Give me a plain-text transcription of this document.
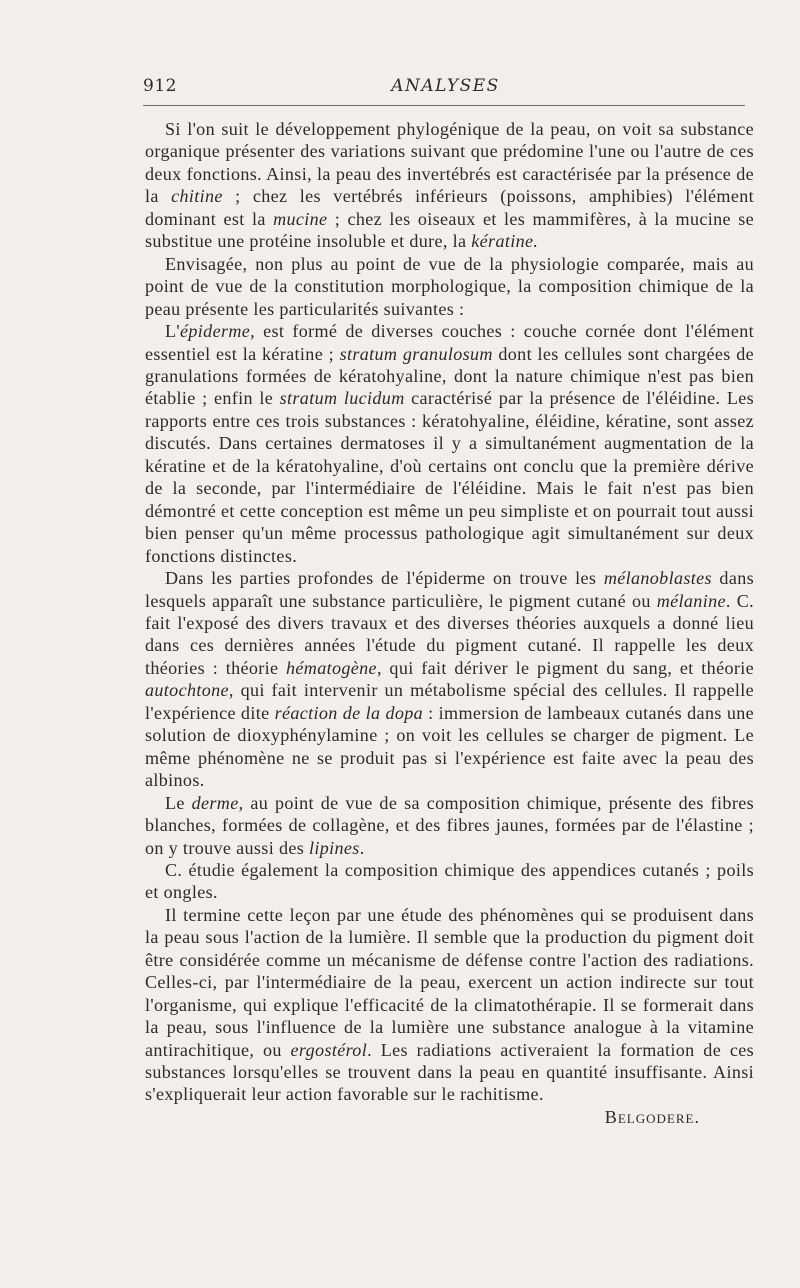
912	ANALYSES

Si l'on suit le développement phylogénique de la peau, on voit sa substance organique présenter des variations suivant que prédomine l'une ou l'autre de ces deux fonctions. Ainsi, la peau des invertébrés est caractérisée par la présence de la chitine ; chez les vertébrés inférieurs (poissons, amphibies) l'élément dominant est la mucine ; chez les oiseaux et les mammifères, à la mucine se substitue une protéine insoluble et dure, la kératine.

Envisagée, non plus au point de vue de la physiologie comparée, mais au point de vue de la constitution morphologique, la composition chimique de la peau présente les particularités suivantes :

L'épiderme, est formé de diverses couches : couche cornée dont l'élément essentiel est la kératine ; stratum granulosum dont les cellules sont chargées de granulations formées de kératohyaline, dont la nature chimique n'est pas bien établie ; enfin le stratum lucidum caractérisé par la présence de l'éléidine. Les rapports entre ces trois substances : kératohyaline, éléidine, kératine, sont assez discutés. Dans certaines dermatoses il y a simultanément augmentation de la kératine et de la kératohyaline, d'où certains ont conclu que la première dérive de la seconde, par l'intermédiaire de l'éléidine. Mais le fait n'est pas bien démontré et cette conception est même un peu simpliste et on pourrait tout aussi bien penser qu'un même processus pathologique agit simultanément sur deux fonctions distinctes.

Dans les parties profondes de l'épiderme on trouve les mélanoblastes dans lesquels apparaît une substance particulière, le pigment cutané ou mélanine. C. fait l'exposé des divers travaux et des diverses théories auxquels a donné lieu dans ces dernières années l'étude du pigment cutané. Il rappelle les deux théories : théorie hématogène, qui fait dériver le pigment du sang, et théorie autochtone, qui fait intervenir un métabolisme spécial des cellules. Il rappelle l'expérience dite réaction de la dopa : immersion de lambeaux cutanés dans une solution de dioxyphénylamine ; on voit les cellules se charger de pigment. Le même phénomène ne se produit pas si l'expérience est faite avec la peau des albinos.

Le derme, au point de vue de sa composition chimique, présente des fibres blanches, formées de collagène, et des fibres jaunes, formées par de l'élastine ; on y trouve aussi des lipines.

C. étudie également la composition chimique des appendices cutanés ; poils et ongles.

Il termine cette leçon par une étude des phénomènes qui se produisent dans la peau sous l'action de la lumière. Il semble que la production du pigment doit être considérée comme un mécanisme de défense contre l'action des radiations. Celles-ci, par l'intermédiaire de la peau, exercent un action indirecte sur tout l'organisme, qui explique l'efficacité de la climatothérapie. Il se formerait dans la peau, sous l'influence de la lumière une substance analogue à la vitamine antirachitique, ou ergostérol. Les radiations activeraient la formation de ces substances lorsqu'elles se trouvent dans la peau en quantité insuffisante. Ainsi s'expliquerait leur action favorable sur le rachitisme.

Belgodere.
